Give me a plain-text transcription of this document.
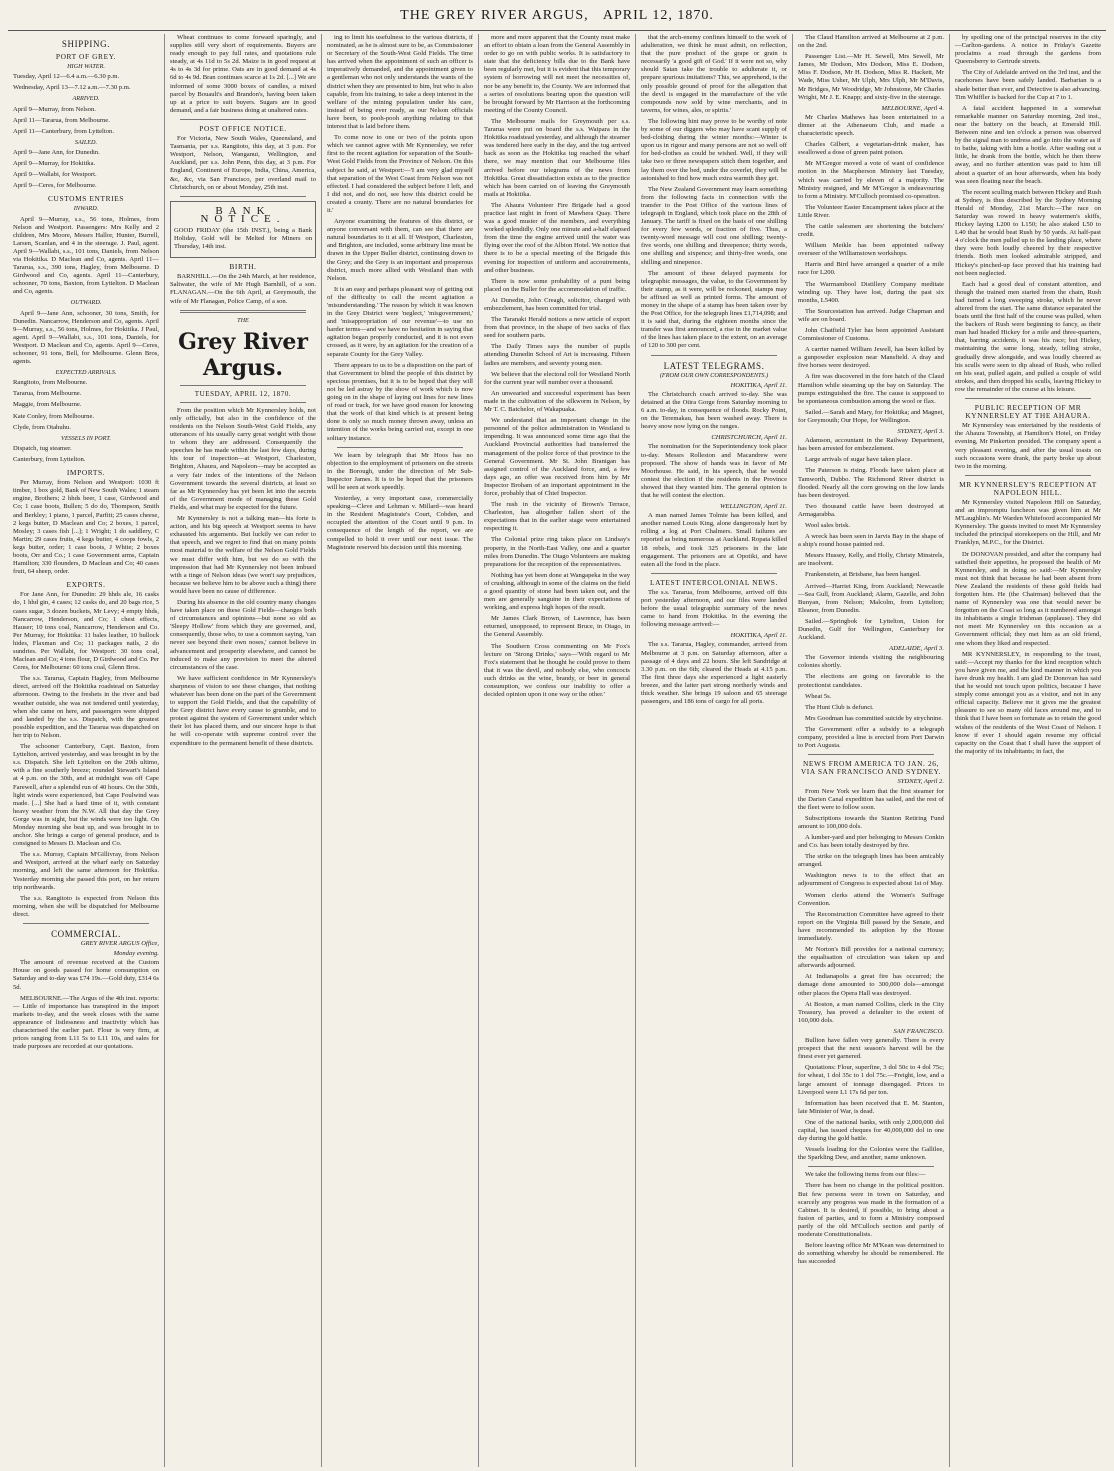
THE GREY RIVER ARGUS, APRIL 12, 1870.
SHIPPING.
PORT OF GREY.
HIGH WATER.

Tuesday, April 12—6.4 a.m.—6.30 p.m.

Wednesday, April 13—7.12 a.m.—7.30 p.m.

ARRIVED.

April 9—Murray, from Nelson.

April 11—Tararua, from Melbourne.

April 11—Canterbury, from Lyttelton.

SAILED.

April 9—Jane Ann, for Dunedin.

April 9—Murray, for Hokitika.

April 9—Wallabi, for Westport.

April 9—Ceres, for Melbourne.

CUSTOMS ENTRIES
INWARD.

April 9—Murray, s.s., 56 tons, Holmes, from Nelson and Westport. Passengers: Mrs Kelly and 2 children, Mrs Moore, Messrs Hallor, Hunter, Burrell, Larsen, Scanlan, and 4 in the steerage. J. Paul, agent. April 9—Wallabi, s.s., 101 tons, Daniels, from Nelson via Hokitika. D Maclean and Co, agents. April 11—Tararua, s.s., 390 tons, Hagley, from Melbourne. D Girdwood and Co, agents. April 11—Canterbury, schooner, 70 tons, Baxton, from Lyttelton. D Maclean and Co, agents.

OUTWARD.

April 9—Jane Ann, schooner, 30 tons, Smith, for Dunedin. Nancarrow, Henderson and Co, agents. April 9—Murray, s.s., 56 tons, Holmes, for Hokitika. J Paul, agent. April 9—Wallabi, s.s., 101 tons, Daniels, for Westport. D Maclean and Co, agents. April 9—Ceres, schooner, 91 tons, Bell, for Melbourne. Glenn Bros, agents.

EXPECTED ARRIVALS.

Rangitoto, from Melbourne.

Tararua, from Melbourne.

Maggie, from Melbourne.

Kate Conley, from Melbourne.

Clyde, from Otahuhu.

VESSELS IN PORT.

Dispatch, tug steamer.

Canterbury, from Lyttelton.

IMPORTS.

Per Murray, from Nelson and Westport: 1030 ft timber, 1 box gold, Bank of New South Wales; 1 steam engine, Brothers; 2 hhds beer, 1 case, Girdwood and Co; 1 case boots, Bullen; 5 do do, Thompson, Smith and Berkley; 1 piano, 1 parcel, Parfitt; 25 cases cheese, 2 kegs butter, D Maclean and Co; 2 boxes, 1 parcel, Mosley; 3 cases fish [...]; 1 Wright; 1 do saddlery, C Martin; 29 cases fruits, 4 kegs butter, 4 coops fowls, 2 kegs butter, order; 1 case boots, J White; 2 boxes boots, Orr and Co.; 1 case Government arms, Captain Hamilton; 330 flounders, D Maclean and Co; 40 cases fruit, 64 sheep, order.

EXPORTS.

For Jane Ann, for Dunedin: 29 hhds ale, 16 casks do, 1 hhd gin, 4 cases; 12 casks do, and 20 bags rice, 5 cases sugar, 3 dozen buckets, Mr Levy; 4 empty hhds, Nancarrow, Henderson, and Co; 1 chest effects, Hauser; 10 tons coal, Nancarrow, Henderson and Co. Per Murray, for Hokitika: 11 bales leather, 10 bullock hides, Flaxman and Co; 11 packages nails, 2 do sundries. Per Wallabi, for Westport: 30 tons coal, Maclean and Co; 4 tons flour, D Girdwood and Co. Per Ceres, for Melbourne: 60 tons coal, Glenn Bros.

The s.s. Tararua, Captain Hagley, from Melbourne direct, arrived off the Hokitika roadstead on Saturday afternoon. Owing to the freshets in the river and bad weather outside, she was not tendered until yesterday, when she came on here, and passengers were shipped and landed by the s.s. Dispatch, with the greatest possible expedition, and the Tararua was dispatched on her trip to Nelson.

The schooner Canterbury, Capt. Baxton, from Lyttelton, arrived yesterday, and was brought in by the s.s. Dispatch. She left Lyttelton on the 29th ultimo, with a fine southerly breeze; rounded Stewart's Island at 4 p.m. on the 30th, and at midnight was off Cape Farewell, after a splendid run of 40 hours. On the 30th, light winds were experienced, but Cape Foulwind was made. [...] She had a hard time of it, with constant heavy weather from the N.W. All that day the Grey Gorge was in sight, but the winds were too light. On Monday morning she beat up, and was brought in to anchor. She brings a cargo of general produce, and is consigned to Messrs D. Maclean and Co.

The s.s. Murray, Captain M'Gillivray, from Nelson and Westport, arrived at the wharf early on Saturday morning, and left the same afternoon for Hokitika. Yesterday morning she passed this port, on her return trip northwards.

The s.s. Rangitoto is expected from Nelson this morning, when she will be dispatched for Melbourne direct.

COMMERCIAL.
GREY RIVER ARGUS Office,
Monday evening.

The amount of revenue received at the Custom House on goods passed for home consumption on Saturday and to-day was £74 19s.—Gold duty, £314 6s 5d.

MELBOURNE.—The Argus of the 4th inst. reports:— Little of importance has transpired in the import markets to-day, and the week closes with the same appearance of listlessness and inactivity which has characterised the earlier part. Flour is very firm, at prices ranging from L11 5s to L11 10s, and sales for trade purposes are recorded at our quotations.

Wheat continues to come forward sparingly, and supplies still very short of requirements. Buyers are ready enough to pay full rates, and quotations rule steady, at 4s 11d to 5s 2d. Maize is in good request at 4s to 4s 3d for prime. Oats are in good demand at 4s 6d to 4s 9d. Bran continues scarce at 1s 2d. [...] We are informed of some 3000 boxes of candles, a mixed parcel by Bouault's and Brandon's, having been taken up at a price to suit buyers. Sugars are in good demand, and a fair business doing at unaltered rates.

POST OFFICE NOTICE.

For Victoria, New South Wales, Queensland, and Tasmania, per s.s. Rangitoto, this day, at 3 p.m. For Westport, Nelson, Wanganui, Wellington, and Auckland, per s.s. John Penn, this day, at 3 p.m. For England, Continent of Europe, India, China, America, &c, &c, via San Francisco, per overland mail to Christchurch, on or about Monday, 25th inst.

BANK NOTICE.

GOOD FRIDAY (the 15th INST.), being a Bank Holiday, Gold will be Melted for Miners on Thursday, 14th inst.

BIRTH.

BARNHILL.—On the 24th March, at her residence, Saltwater, the wife of Mr Hugh Barnhill, of a son. FLANAGAN.—On the 6th April, at Greymouth, the wife of Mr Flanagan, Police Camp, of a son.

THE
Grey River Argus.
TUESDAY, APRIL 12, 1870.

From the position which Mr Kynnersley holds, not only officially, but also in the confidence of the residents on the Nelson South-West Gold Fields, any utterances of his usually carry great weight with those to whom they are addressed. Consequently the speeches he has made within the last few days, during his tour of inspection—at Westport, Charleston, Brighton, Ahaura, and Napoleon—may be accepted as a very fair index of the intentions of the Nelson Government towards the several districts, at least so far as Mr Kynnersley has yet been let into the secrets of the Government mode of managing these Gold Fields, and what may be expected for the future.

Mr Kynnersley is not a talking man—his forte is action, and his big speech at Westport seems to have exhausted his arguments. But luckily we can refer to that speech, and we regret to find that on many points most material to the welfare of the Nelson Gold Fields we must differ with him, but we do so with the impression that had Mr Kynnersley not been imbued with a tinge of Nelson ideas (we won't say prejudices, because we believe him to be above such a thing) there would have been no cause of difference.

During his absence in the old country many changes have taken place on these Gold Fields—changes both of circumstances and opinions—but none so old as 'Sleepy Hollow' from which they are governed, and, consequently, those who, to use a common saying, 'can never see beyond their own noses,' cannot believe in advancement and prosperity elsewhere, and cannot be induced to make any provision to meet the altered circumstances of the case.

We have sufficient confidence in Mr Kynnersley's sharpness of vision to see these changes, that nothing whatever has been done on the part of the Government to support the Gold Fields, and that the capability of the Grey district have every cause to grumble, and to protest against the system of Government under which their lot has placed them, and our sincere hope is that he will co-operate with supreme control over the expenditure to the permanent benefit of these districts.

ing to limit his usefulness to the various districts, if nominated, as he is almost sure to be, as Commissioner or Secretary of the South-West Gold Fields. The time has arrived when the appointment of such an officer is imperatively demanded, and the appointment given to a gentleman who not only understands the wants of the district when they are presented to him, but who is also capable, from his training, to take a deep interest in the welfare of the mining population under his care, instead of being ever ready, as our Nelson officials have been, to pooh-pooh anything relating to that interest that is laid before them.

To come now to one or two of the points upon which we cannot agree with Mr Kynnersley, we refer first to the recent agitation for separation of the South-West Gold Fields from the Province of Nelson. On this subject he said, at Westport:—'I am very glad myself that separation of the West Coast from Nelson was not effected. I had considered the subject before I left, and I did not, and do not, see how this district could be created a county. There are no natural boundaries for it.'

Anyone examining the features of this district, or anyone conversant with them, can see that there are natural boundaries to it at all. If Westport, Charleston, and Brighton, are included, some arbitrary line must be drawn in the Upper Buller district, continuing down to the Grey; and the Grey is an important and prosperous district, much more allied with Westland than with Nelson.

It is an easy and perhaps pleasant way of getting out of the difficulty to call the recent agitation a 'misunderstanding.' The reason by which it was known in the Grey District were 'neglect,' 'misgovernment,' and 'misappropriation of our revenue'—to use no harder terms—and we have no hesitation in saying that agitation began properly conducted, and it is not even crossed, as it were, by an agitation for the creation of a separate County for the Grey Valley.

There appears to us to be a disposition on the part of that Government to blind the people of this district by specious promises, but it is to be hoped that they will not be led astray by the show of work which is now going on in the shape of laying out lines for new lines of road or track, for we have good reason for knowing that the work of that kind which is at present being done is only so much money thrown away, unless an intention of the works being carried out, except in one solitary instance.

We learn by telegraph that Mr Hoos has no objection to the employment of prisoners on the streets in the Borough, under the direction of Mr Sub-Inspector James. It is to be hoped that the prisoners will be seen at work speedily.

Yesterday, a very important case, commercially speaking—Cleve and Lehman v. Millard—was heard in the Resident Magistrate's Court, Cobden, and occupied the attention of the Court until 9 p.m. In consequence of the length of the report, we are compelled to hold it over until our next issue. The Magistrate reserved his decision until this morning.

more and more apparent that the County must make an effort to obtain a loan from the General Assembly in order to go on with public works. It is satisfactory to state that the deficiency bills due to the Bank have been regularly met, but it is evident that this temporary system of borrowing will not meet the necessities of, nor be any benefit to, the County. We are informed that a series of resolutions bearing upon the question will be brought forward by Mr Harrison at the forthcoming meeting of the County Council.

The Melbourne mails for Greymouth per s.s. Tararua were put on board the s.s. Waipara in the Hokitika roadstead yesterday, and although the steamer was tendered here early in the day, and the tug arrived back as soon as the Hokitika tug reached the wharf there, we may mention that our Melbourne files arrived before our telegrams of the news from Hokitika. Great dissatisfaction exists as to the practice which has been carried on of leaving the Greymouth mails at Hokitika.

The Ahaura Volunteer Fire Brigade had a good practice last night in front of Mawhera Quay. There was a good muster of the members, and everything worked splendidly. Only one minute and a-half elapsed from the time the engine arrived until the water was flying over the roof of the Albion Hotel. We notice that there is to be a special meeting of the Brigade this evening for inspection of uniform and accoutrements, and other business.

There is now some probability of a punt being placed on the Buller for the accommodation of traffic.

At Dunedin, John Creagh, solicitor, charged with embezzlement, has been committed for trial.

The Taranaki Herald notices a new article of export from that province, in the shape of two sacks of flax seed for southern parts.

The Daily Times says the number of pupils attending Dunedin School of Art is increasing. Fifteen ladies are members, and seventy young men.

We believe that the electoral roll for Westland North for the current year will number over a thousand.

An unwearied and successful experiment has been made in the cultivation of the silkworm in Nelson, by Mr T. C. Batchelor, of Wakapuaka.

We understand that an important change in the personnel of the police administration in Westland is impending. It was announced some time ago that the Auckland Provincial authorities had transferred the management of the police force of that province to the General Government. Mr St. John Branigan has assigned control of the Auckland force, and, a few days ago, an offer was received from him by Mr Inspector Broham of an important appointment in the force, probably that of Chief Inspector.

The rush in the vicinity of Brown's Terrace, Charleston, has altogether fallen short of the expectations that in the earlier stage were entertained respecting it.

The Colonial prize ring takes place on Lindsay's property, in the North-East Valley, one and a quarter miles from Dunedin. The Otago Volunteers are making preparations for the reception of the representatives.

Nothing has yet been done at Wangapeka in the way of crushing, although in some of the claims on the field a good quantity of stone had been taken out, and the men are generally sanguine in their expectations of working, and express high hopes of the result.

Mr James Clark Brown, of Lawrence, has been returned, unopposed, to represent Bruce, in Otago, in the General Assembly.

The Southern Cross commenting on Mr Fox's lecture on 'Strong Drinks,' says—'With regard to Mr Fox's statement that he thought he could prove to them that it was the devil, and nobody else, who concocts such drinks as the wine, brandy, or beer in general consumption, we confess our inability to offer a decided opinion upon it one way or the other.'

that the arch-enemy confines himself to the work of adulteration, we think he must admit, on reflection, that the pure product of the grape or grain is necessarily 'a good gift of God.' If it were not so, why should Satan take the trouble to adulterate it, or prepare spurious imitations? This, we apprehend, is the only possible ground of proof for the allegation that the devil is engaged in the manufacture of the vile compounds now sold by wine merchants, and in taverns, for wines, ales, or spirits.'

The following hint may prove to be worthy of note by some of our diggers who may have scant supply of bed-clothing during the winter months:—Winter is upon us in rigour and many persons are not so well off for bed-clothes as could be wished. Well, if they will take two or three newspapers stitch them together, and lay them over the bed, under the coverlet, they will be astonished to find how much extra warmth they get.

The New Zealand Government may learn something from the following facts in connection with the transfer to the Post Office of the various lines of telegraph in England, which took place on the 28th of January. The tariff is fixed on the basis of one shilling for every few words, or fraction of five. Thus, a twenty-word message will cost one shilling; twenty-five words, one shilling and threepence; thirty words, one shilling and sixpence; and thirty-five words, one shilling and ninepence.

The amount of these delayed payments for telegraphic messages, the value, to the Government by their stamp, as it were, will be reckoned, stamps may be affixed as well as printed forms. The amount of money in the shape of a stamp has been taken over by the Post Office, for the telegraph lines £1,714,098; and it is said that, during the eighteen months since the transfer was first announced, a rise in the market value of the lines has taken place to the extent, on an average of 120 to 300 per cent.

LATEST TELEGRAMS.
(FROM OUR OWN CORRESPONDENTS.)
HOKITIKA, April 11.

The Christchurch coach arrived to-day. She was detained at the Otira Gorge from Saturday morning to 6 a.m. to-day, in consequence of floods. Rocky Point, on the Teremakau, has been washed away. There is heavy snow now lying on the ranges.

CHRISTCHURCH, April 11.

The nomination for the Superintendency took place to-day. Messrs Rolleston and Macandrew were proposed. The show of hands was in favor of Mr Moorhouse. He said, in his speech, that he would contest the election if the residents in the Province showed that they wanted him. The general opinion is that he will contest the election.

WELLINGTON, April 11.

A man named James Tolmie has been killed, and another named Louis King, alone dangerously hurt by rolling a log at Port Chalmers. Small failures are reported as being numerous at Auckland. Ropata killed 18 rebels, and took 325 prisoners in the late engagement. The prisoners are at Opotiki, and have eaten all the food in the place.

LATEST INTERCOLONIAL NEWS.

The s.s. Tararua, from Melbourne, arrived off this port yesterday afternoon, and our files were landed before the usual telegraphic summary of the news came to hand from Hokitika. In the evening the following message arrived:—

HOKITIKA, April 11.

The s.s. Tararua, Hagley, commander, arrived from Melbourne at 3 p.m. on Saturday afternoon, after a passage of 4 days and 22 hours. She left Sandridge at 3.30 p.m. on the 6th; cleared the Heads at 4.15 p.m. The first three days she experienced a light easterly breeze, and the latter part strong northerly winds and thick weather. She brings 19 saloon and 65 steerage passengers, and 186 tons of cargo for all ports.

The Claud Hamilton arrived at Melbourne at 2 p.m. on the 2nd.

Passenger List.—Mr H. Sewell, Mrs Sewell, Mr James, Mr Dodson, Mrs Dodson, Miss E. Dodson, Miss F. Dodson, Mr H. Dodson, Miss R. Hackett, Mr Wade, Miss Usher, Mr Ulph, Mrs Ulph, Mr M'Davis, Mr Bridges, Mr Woodridge, Mr Johnstone, Mr Charles Wright, Mr J. E. Knapp; and sixty-five in the steerage.

MELBOURNE, April 4.

Mr Charles Mathews has been entertained to a dinner at the Athenaeum Club, and made a characteristic speech.

Charles Gilbert, a vegetarian-drink maker, has swallowed a dose of green paint poison.

Mr M'Gregor moved a vote of want of confidence motion in the Macpherson Ministry last Tuesday, which was carried by eleven of a majority. The Ministry resigned, and Mr M'Gregor is endeavouring to form a Ministry. M'Culloch promised co-operation.

The Volunteer Easter Encampment takes place at the Little River.

The cattle salesmen are shortening the butchers' credit.

William Meikle has been appointed railway overseer of the Williamstown workshops.

Harris and Bird have arranged a quarter of a mile race for L200.

The Warrnambool Distillery Company meditate winding up. They have lost, during the past six months, L5400.

The Sourcestation has arrived. Judge Chapman and wife are on board.

John Chatfield Tyler has been appointed Assistant Commissioner of Customs.

A carrier named William Jewell, has been killed by a gunpowder explosion near Mansfield. A dray and five horses were destroyed.

A fire was discovered in the fore hatch of the Claud Hamilton while steaming up the bay on Saturday. The pumps extinguished the fire. The cause is supposed to be spontaneous combustion among the wool or flax.

Sailed.—Sarah and Mary, for Hokitika; and Magnet, for Greymouth; Our Hope, for Wellington.

SYDNEY, April 3.

Adamson, accountant in the Railway Department, has been arrested for embezzlement.

Large arrivals of sugar have taken place.

The Paterson is rising. Floods have taken place at Tamworth, Dubbo. The Richmond River district is flooded. Nearly all the corn growing on the low lands has been destroyed.

Two thousand cattle have been destroyed at Armagarabba.

Wool sales brisk.

A wreck has been seen in Jarvis Bay in the shape of a ship's round house painted red.

Messrs Hussey, Kelly, and Holly, Christy Minstrels, are insolvent.

Frankenstein, at Brisbane, has been hanged.

Arrived—Harriet King, from Auckland; Newcastle—Sea Gull, from Auckland; Alarm, Gazelle, and John Bunyan, from Nelson; Malcolm, from Lyttelton; Eleanor, from Dunedin.

Sailed.—Springbok for Lyttelton, Union for Dunedin, Gulf for Wellington, Canterbury for Auckland.

ADELAIDE, April 3.

The Governor intends visiting the neighbouring colonies shortly.

The elections are going on favorable to the protectionist candidates.

Wheat 5s.

The Hunt Club is defunct.

Mrs Goodman has committed suicide by strychnine.

The Government offer a subsidy to a telegraph company, provided a line is erected from Port Darwin to Port Augusta.

NEWS FROM AMERICA TO JAN. 26, VIA SAN FRANCISCO AND SYDNEY.
SYDNEY, April 2.

From New York we learn that the first steamer for the Darien Canal expedition has sailed, and the rest of the fleet were to follow soon.

Subscriptions towards the Stanton Retiring Fund amount to 100,000 dols.

A lumber-yard and pier belonging to Messrs Conkin and Co. has been totally destroyed by fire.

The strike on the telegraph lines has been amicably arranged.

Washington news is to the effect that an adjournment of Congress is expected about 1st of May.

Women clerks attend the Women's Suffrage Convention.

The Reconstruction Committee have agreed to their report on the Virginia Bill passed by the Senate, and have recommended its adoption by the House immediately.

Mr Norton's Bill provides for a national currency; the equalisation of circulation was taken up and afterwards adjourned.

At Indianapolis a great fire has occurred; the damage done amounted to 300,000 dols—amongst other places the Opera Hall was destroyed.

At Boston, a man named Collins, clerk in the City Treasury, has proved a defaulter to the extent of 160,000 dols.

SAN FRANCISCO.

Bullion have fallen very generally. There is every prospect that the next season's harvest will be the finest ever yet garnered.

Quotations: Flour, superfine, 3 dol 50c to 4 dol 75c; for wheat, 1 dol 35c to 1 dol 75c.—Freight, low, and a large amount of tonnage disengaged. Prices to Liverpool were L1 17s 6d per ton.

Information has been received that E. M. Stanton, late Minister of War, is dead.

One of the national banks, with only 2,000,000 dol capital, has issued cheques for 40,000,000 dol in one day during the gold battle.

Vessels loading for the Colonies were the Gallilee, the Sparkling Dew, and another, name unknown.

We take the following items from our files:—

There has been no change in the political position. But few persons were in town on Saturday, and scarcely any progress was made in the formation of a Cabinet. It is desired, if possible, to bring about a fusion of parties, and to form a Ministry composed partly of the old M'Culloch section and partly of moderate Constitutionalists.

Before leaving office Mr M'Kean was determined to do something whereby he should be remembered. He has succeeded

by spoiling one of the principal reserves in the city—Carlton-gardens. A notice in Friday's Gazette proclaims a road through the gardens from Queensberry to Gertrude streets.

The City of Adelaide arrived on the 3rd inst, and the racehorses have been safely landed. Barbarian is a shade better than ever, and Detective is also advancing. Tim Whiffler is backed for the Cup at 7 to 1.

A fatal accident happened in a somewhat remarkable manner on Saturday morning, 2nd inst., near the battery on the beach, at Emerald Hill. Between nine and ten o'clock a person was observed by the signal man to undress and go into the water as if to bathe, taking with him a bottle. After wading out a little, he drank from the bottle, which he then threw away, and no further attention was paid to him till about a quarter of an hour afterwards, when his body was seen floating near the beach.

The recent sculling match between Hickey and Rush at Sydney, is thus described by the Sydney Morning Herald of Monday, 21st March:—The race on Saturday was rowed in heavy watermen's skiffs, Hickey laying L200 to L150; he also staked L50 to L40 that he would beat Rush by 50 yards. At half-past 4 o'clock the men pulled up to the landing place, where they were both loudly cheered by their respective friends. Both men looked admirable stripped, and Hickey's pinched-up face proved that his training had not been neglected.

Each had a good deal of constant attention, and though the trained men started from the chain, Rush had turned a long sweeping stroke, which he never altered from the start. The same distance separated the boats until the first half of the course was pulled, when the backers of Rush were beginning to fancy, as their man had headed Hickey for a mile and three-quarters, that, barring accidents, it was his race; but Hickey, maintaining the same long, steady, telling stroke, gradually drew alongside, and was loudly cheered as his sculls were seen to dip ahead of Rush, who rolled on his seat, pulled again, and pulled a couple of wild strokes, and then dropped his sculls, leaving Hickey to row the remainder of the course at his leisure.

PUBLIC RECEPTION OF MR KYNNERSLEY AT THE AHAURA.

Mr Kynnersley was entertained by the residents of the Ahaura Township, at Hamilton's Hotel, on Friday evening, Mr Pinkerton presided. The company spent a very pleasant evening, and after the usual toasts on such occasions were drank, the party broke up about two in the morning.

MR KYNNERSLEY'S RECEPTION AT NAPOLEON HILL.

Mr Kynnersley visited Napoleon Hill on Saturday, and an impromptu luncheon was given him at Mr M'Laughlin's. Mr Warden Whitefoord accompanied Mr Kynnersley. The guests invited to meet Mr Kynnersley included the principal storekeepers on the Hill, and Mr Franklyn, M.P.C., for the District.

Dr DONOVAN presided, and after the company had satisfied their appetites, he proposed the health of Mr Kynnersley, and in doing so said:—Mr Kynnersley must not think that because he had been absent from New Zealand the residents of these gold fields had forgotten him. He (the Chairman) believed that the name of Kynnersley was one that would never be forgotten on the Coast so long as it numbered amongst its inhabitants a single Irishman (applause). They did not meet Mr Kynnersley on this occasion as a Government official; they met him as an old friend, one whom they liked and respected.

MR KYNNERSLEY, in responding to the toast, said:—Accept my thanks for the kind reception which you have given me, and the kind manner in which you have drunk my health. I am glad Dr Donovan has said that he would not touch upon politics, because I have simply come amongst you as a visitor, and not in any official capacity. Believe me it gives me the greatest pleasure to see so many old faces around me, and to think that I have been so fortunate as to retain the good wishes of the residents of the West Coast of Nelson. I know if ever I should again resume my official capacity on the Coast that I shall have the support of the majority of its inhabitants; in fact, the
